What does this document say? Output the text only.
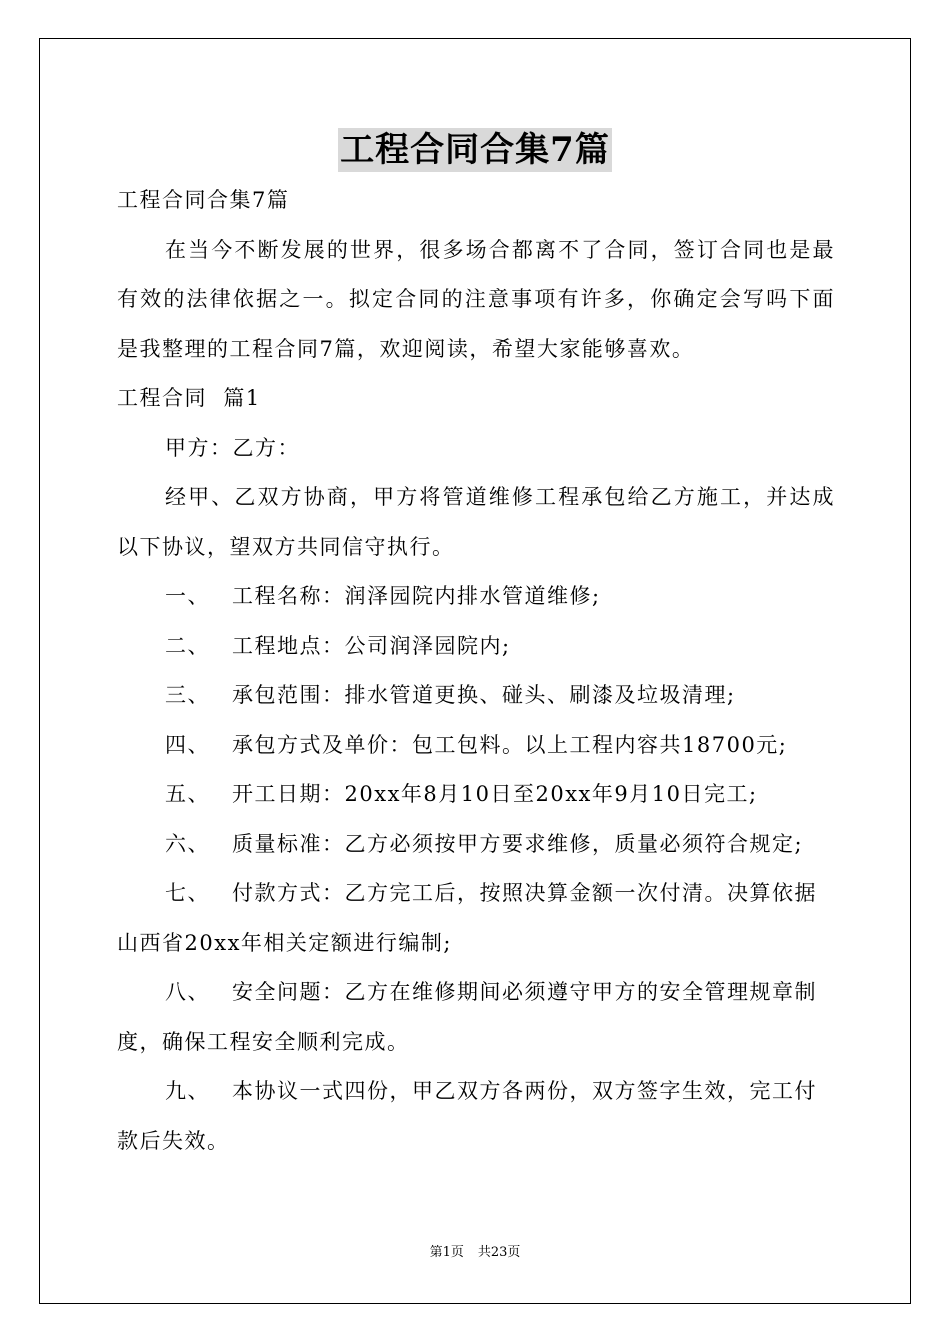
工程合同合集7篇

工程合同合集7篇

在当今不断发展的世界，很多场合都离不了合同，签订合同也是最有效的法律依据之一。拟定合同的注意事项有许多，你确定会写吗下面是我整理的工程合同7篇，欢迎阅读，希望大家能够喜欢。

工程合同  篇1

甲方：乙方：

经甲、乙双方协商，甲方将管道维修工程承包给乙方施工，并达成以下协议，望双方共同信守执行。

一、 工程名称：润泽园院内排水管道维修;

二、 工程地点：公司润泽园院内;

三、 承包范围：排水管道更换、碰头、刷漆及垃圾清理;

四、 承包方式及单价：包工包料。以上工程内容共18700元;

五、 开工日期：20xx年8月10日至20xx年9月10日完工;

六、 质量标准：乙方必须按甲方要求维修，质量必须符合规定;

七、 付款方式：乙方完工后，按照决算金额一次付清。决算依据山西省20xx年相关定额进行编制;

八、 安全问题：乙方在维修期间必须遵守甲方的安全管理规章制度，确保工程安全顺利完成。

九、 本协议一式四份，甲乙双方各两份，双方签字生效，完工付款后失效。

第1页 共23页
